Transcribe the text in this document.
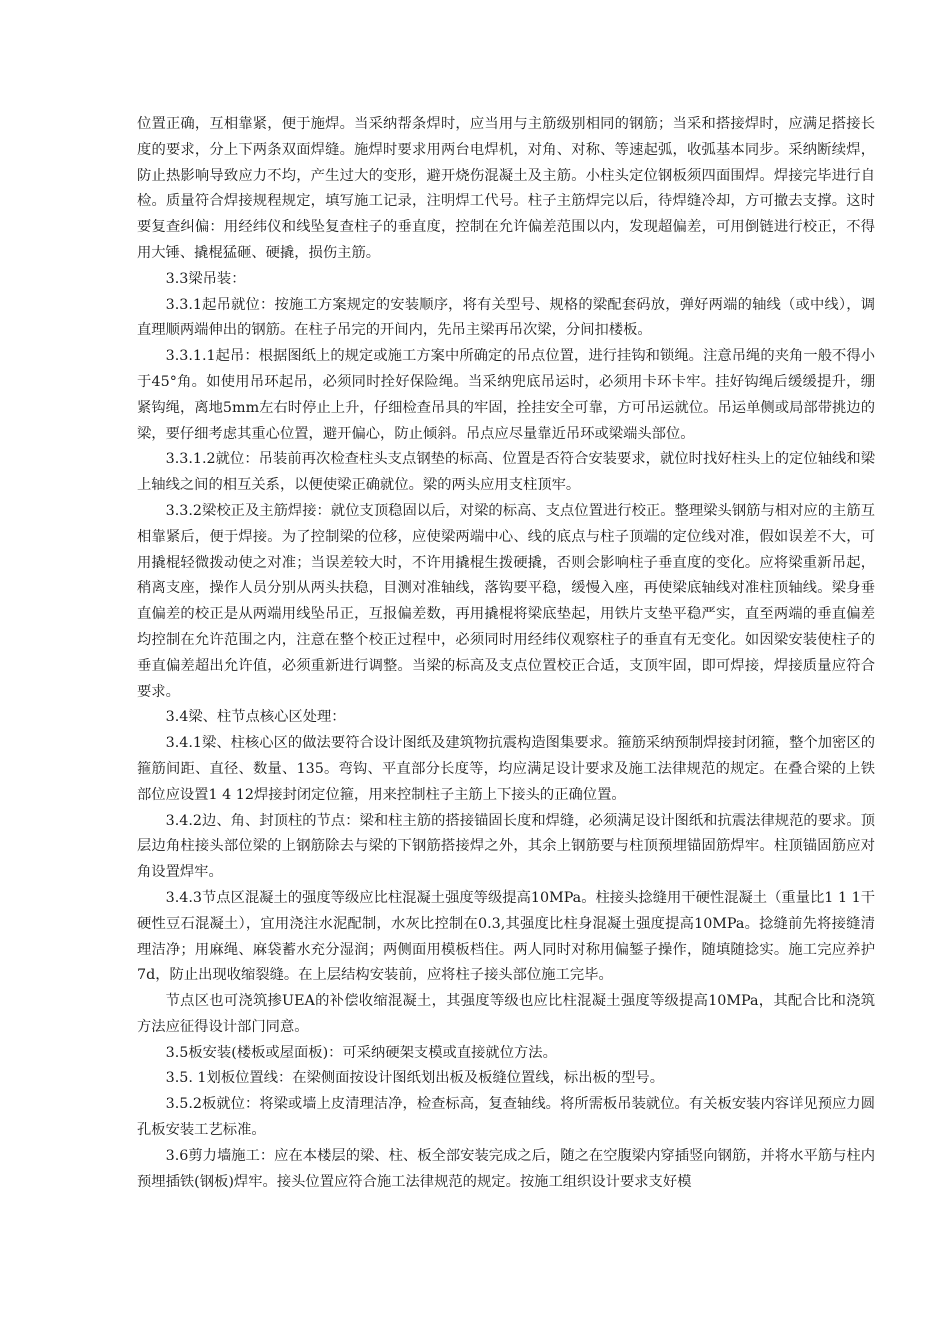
位置正确，互相靠紧，便于施焊。当采纳帮条焊时，应当用与主筋级别相同的钢筋；当采和搭接焊时，应满足搭接长度的要求，分上下两条双面焊缝。施焊时要求用两台电焊机，对角、对称、等速起弧，收弧基本同步。采纳断续焊，防止热影响导致应力不均，产生过大的变形，避开烧伤混凝土及主筋。小柱头定位钢板须四面围焊。焊接完毕进行自检。质量符合焊接规程规定，填写施工记录，注明焊工代号。柱子主筋焊完以后，待焊缝冷却，方可撤去支撑。这时要复查纠偏：用经纬仪和线坠复查柱子的垂直度，控制在允许偏差范围以内，发现超偏差，可用倒链进行校正，不得用大锤、撬棍猛砸、硬撬，损伤主筋。

3.3梁吊装：

3.3.1起吊就位：按施工方案规定的安装顺序，将有关型号、规格的梁配套码放，弹好两端的轴线（或中线），调直理顺两端伸出的钢筋。在柱子吊完的开间内，先吊主梁再吊次梁，分间扣楼板。

3.3.1.1起吊：根据图纸上的规定或施工方案中所确定的吊点位置，进行挂钩和锁绳。注意吊绳的夹角一般不得小于45°角。如使用吊环起吊，必须同时拴好保险绳。当采纳兜底吊运时，必须用卡环卡牢。挂好钩绳后缓缓提升，绷紧钩绳，离地5mm左右时停止上升，仔细检查吊具的牢固，拴挂安全可靠，方可吊运就位。吊运单侧或局部带挑边的梁，要仔细考虑其重心位置，避开偏心，防止倾斜。吊点应尽量靠近吊环或梁端头部位。

3.3.1.2就位：吊装前再次检查柱头支点钢垫的标高、位置是否符合安装要求，就位时找好柱头上的定位轴线和梁上轴线之间的相互关系，以便使梁正确就位。梁的两头应用支柱顶牢。

3.3.2梁校正及主筋焊接：就位支顶稳固以后，对梁的标高、支点位置进行校正。整理梁头钢筋与相对应的主筋互相靠紧后，便于焊接。为了控制梁的位移，应使梁两端中心、线的底点与柱子顶端的定位线对准，假如误差不大，可用撬棍轻微拨动使之对准；当误差较大时，不许用撬棍生拨硬撬，否则会影响柱子垂直度的变化。应将梁重新吊起，稍离支座，操作人员分别从两头扶稳，目测对准轴线，落钩要平稳，缓慢入座，再使梁底轴线对准柱顶轴线。梁身垂直偏差的校正是从两端用线坠吊正，互报偏差数，再用撬棍将梁底垫起，用铁片支垫平稳严实，直至两端的垂直偏差均控制在允许范围之内，注意在整个校正过程中，必须同时用经纬仪观察柱子的垂直有无变化。如因梁安装使柱子的垂直偏差超出允许值，必须重新进行调整。当梁的标高及支点位置校正合适，支顶牢固，即可焊接，焊接质量应符合要求。

3.4梁、柱节点核心区处理：

3.4.1梁、柱核心区的做法要符合设计图纸及建筑物抗震构造图集要求。箍筋采纳预制焊接封闭箍，整个加密区的箍筋间距、直径、数量、135。弯钩、平直部分长度等，均应满足设计要求及施工法律规范的规定。在叠合梁的上铁部位应设置1 4 12焊接封闭定位箍，用来控制柱子主筋上下接头的正确位置。

3.4.2边、角、封顶柱的节点：梁和柱主筋的搭接锚固长度和焊缝，必须满足设计图纸和抗震法律规范的要求。顶层边角柱接头部位梁的上钢筋除去与梁的下钢筋搭接焊之外，其余上钢筋要与柱顶预埋锚固筋焊牢。柱顶锚固筋应对角设置焊牢。

3.4.3节点区混凝土的强度等级应比柱混凝土强度等级提高10MPa。柱接头捻缝用干硬性混凝土（重量比1 1 1干硬性豆石混凝土），宜用浇注水泥配制，水灰比控制在0.3,其强度比柱身混凝土强度提高10MPa。捻缝前先将接缝清理洁净；用麻绳、麻袋蓄水充分湿润；两侧面用模板档住。两人同时对称用偏錾子操作，随填随捻实。施工完应养护7d，防止出现收缩裂缝。在上层结构安装前，应将柱子接头部位施工完毕。

节点区也可浇筑掺UEA的补偿收缩混凝土，其强度等级也应比柱混凝土强度等级提高10MPa，其配合比和浇筑方法应征得设计部门同意。

3.5板安装(楼板或屋面板)：可采纳硬架支模或直接就位方法。

3.5. 1划板位置线：在梁侧面按设计图纸划出板及板缝位置线，标出板的型号。

3.5.2板就位：将梁或墙上皮清理洁净，检查标高，复查轴线。将所需板吊装就位。有关板安装内容详见预应力圆孔板安装工艺标准。

3.6剪力墙施工：应在本楼层的梁、柱、板全部安装完成之后，随之在空腹梁内穿插竖向钢筋，并将水平筋与柱内预埋插铁(钢板)焊牢。接头位置应符合施工法律规范的规定。按施工组织设计要求支好模
